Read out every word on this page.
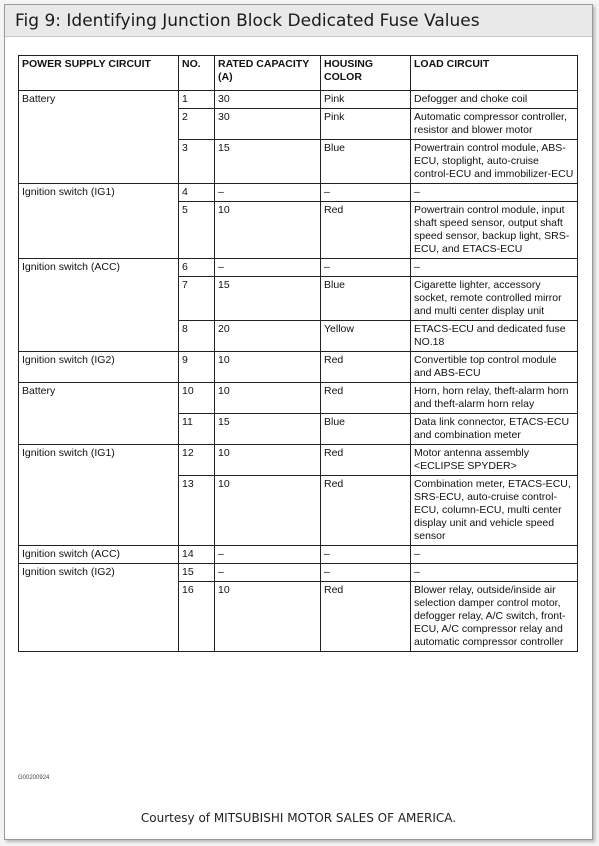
Fig 9: Identifying Junction Block Dedicated Fuse Values
POWER SUPPLY CIRCUIT	NO.	RATED CAPACITY (A)	HOUSING COLOR	LOAD CIRCUIT
Battery	1	30	Pink	Defogger and choke coil
	2	30	Pink	Automatic compressor controller, resistor and blower motor
	3	15	Blue	Powertrain control module, ABS-ECU, stoplight, auto-cruise control-ECU and immobilizer-ECU
Ignition switch (IG1)	4	–	–	–
	5	10	Red	Powertrain control module, input shaft speed sensor, output shaft speed sensor, backup light, SRS-ECU, and ETACS-ECU
Ignition switch (ACC)	6	–	–	–
	7	15	Blue	Cigarette lighter, accessory socket, remote controlled mirror and multi center display unit
	8	20	Yellow	ETACS-ECU and dedicated fuse NO.18
Ignition switch (IG2)	9	10	Red	Convertible top control module and ABS-ECU
Battery	10	10	Red	Horn, horn relay, theft-alarm horn and theft-alarm horn relay
	11	15	Blue	Data link connector, ETACS-ECU and combination meter
Ignition switch (IG1)	12	10	Red	Motor antenna assembly <ECLIPSE SPYDER>
	13	10	Red	Combination meter, ETACS-ECU, SRS-ECU, auto-cruise control-ECU, column-ECU, multi center display unit and vehicle speed sensor
Ignition switch (ACC)	14	–	–	–
Ignition switch (IG2)	15	–	–	–
	16	10	Red	Blower relay, outside/inside air selection damper control motor, defogger relay, A/C switch, front-ECU, A/C compressor relay and automatic compressor controller
G00200924
Courtesy of MITSUBISHI MOTOR SALES OF AMERICA.
